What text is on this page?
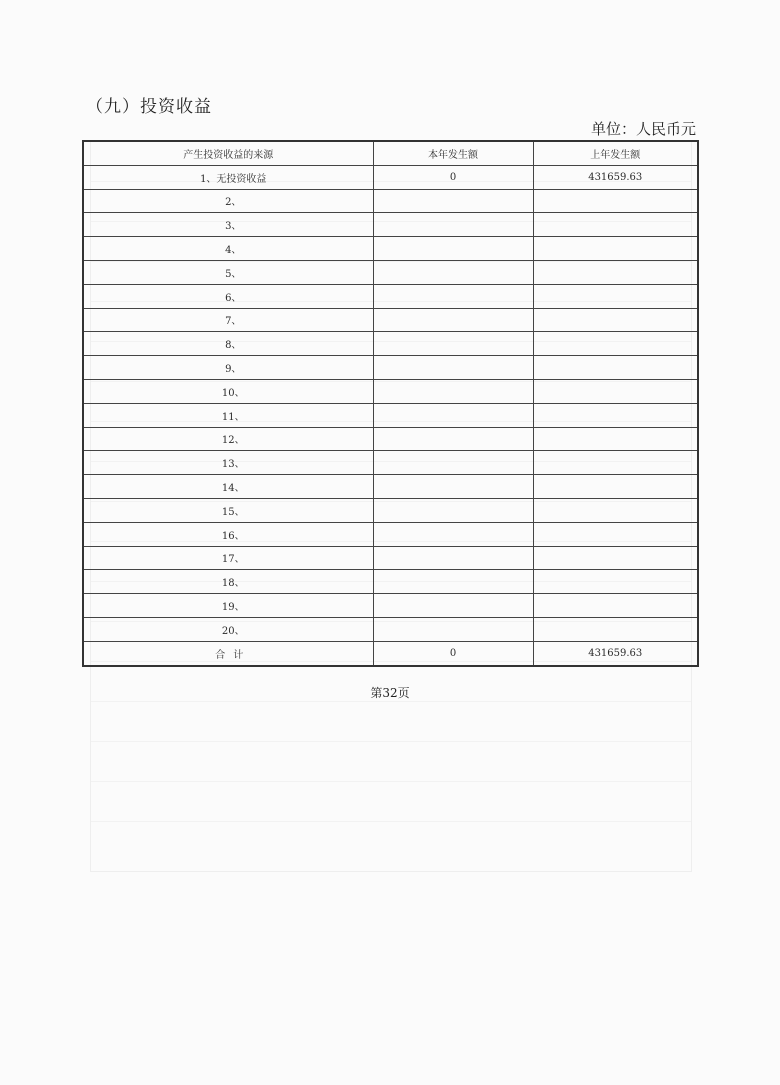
（九）投资收益
单位：人民币元
产生投资收益的来源	本年发生额	上年发生额
1、无投资收益	0	431659.63
2、		
3、		
4、		
5、		
6、		
7、		
8、		
9、		
10、		
11、		
12、		
13、		
14、		
15、		
16、		
17、		
18、		
19、		
20、		
合计	0	431659.63
第32页
